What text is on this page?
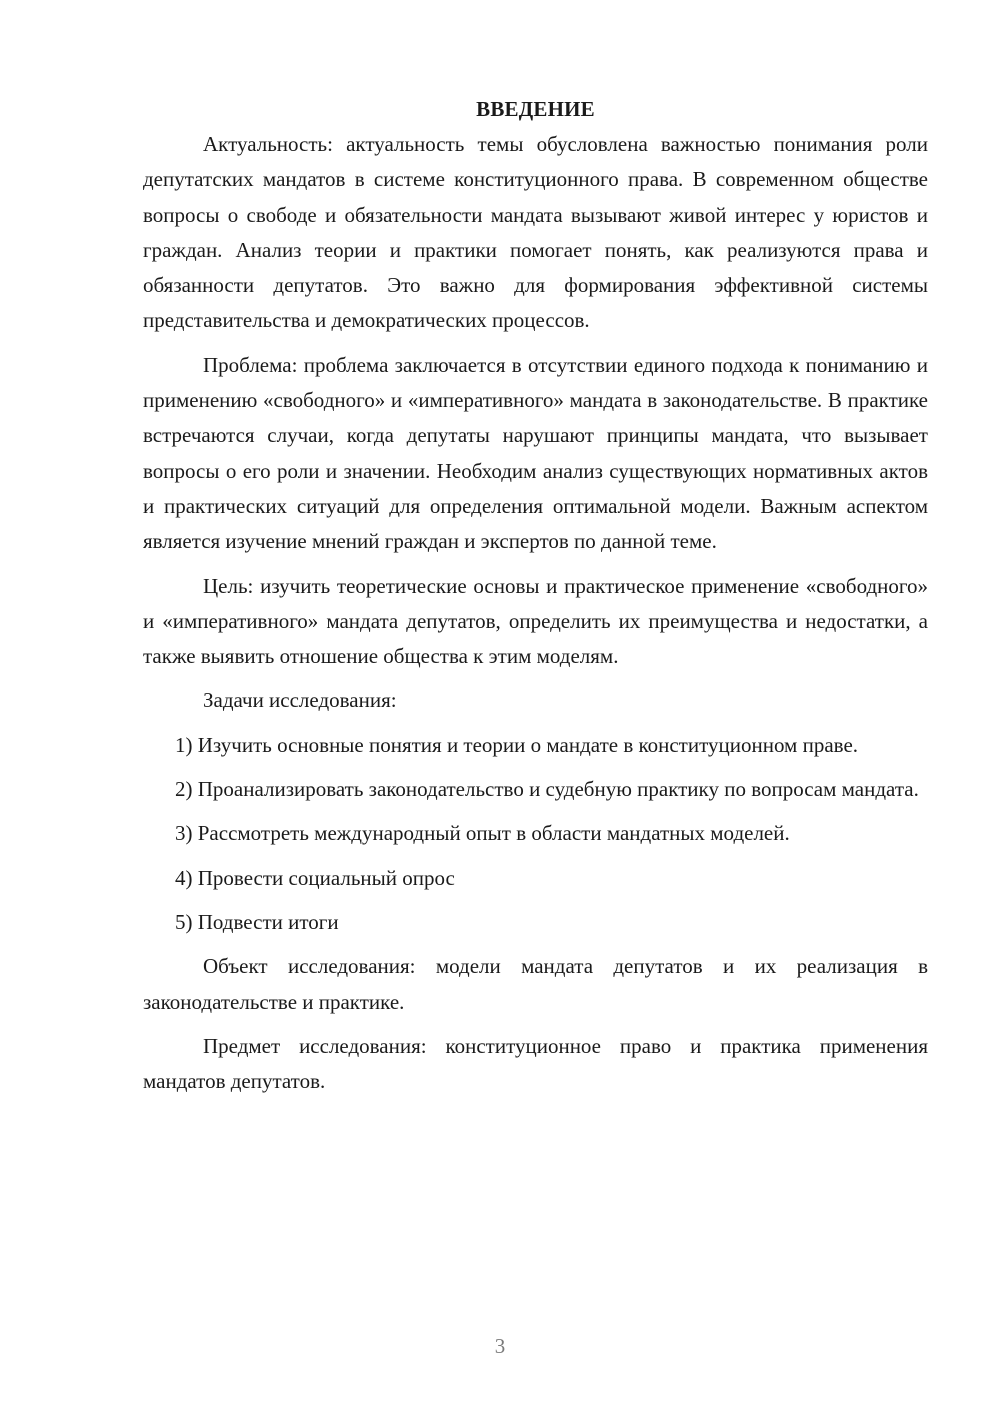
ВВЕДЕНИЕ

Актуальность: актуальность темы обусловлена важностью понимания роли депутатских мандатов в системе конституционного права. В современном обществе вопросы о свободе и обязательности мандата вызывают живой интерес у юристов и граждан. Анализ теории и практики помогает понять, как реализуются права и обязанности депутатов. Это важно для формирования эффективной системы представительства и демократических процессов.

Проблема: проблема заключается в отсутствии единого подхода к пониманию и применению «свободного» и «императивного» мандата в законодательстве. В практике встречаются случаи, когда депутаты нарушают принципы мандата, что вызывает вопросы о его роли и значении. Необходим анализ существующих нормативных актов и практических ситуаций для определения оптимальной модели. Важным аспектом является изучение мнений граждан и экспертов по данной теме.

Цель: изучить теоретические основы и практическое применение «свободного» и «императивного» мандата депутатов, определить их преимущества и недостатки, а также выявить отношение общества к этим моделям.

Задачи исследования:

1) Изучить основные понятия и теории о мандате в конституционном праве.

2) Проанализировать законодательство и судебную практику по вопросам мандата.

3) Рассмотреть международный опыт в области мандатных моделей.

4) Провести социальный опрос

5) Подвести итоги

Объект исследования: модели мандата депутатов и их реализация в законодательстве и практике.

Предмет исследования: конституционное право и практика применения мандатов депутатов.

3
